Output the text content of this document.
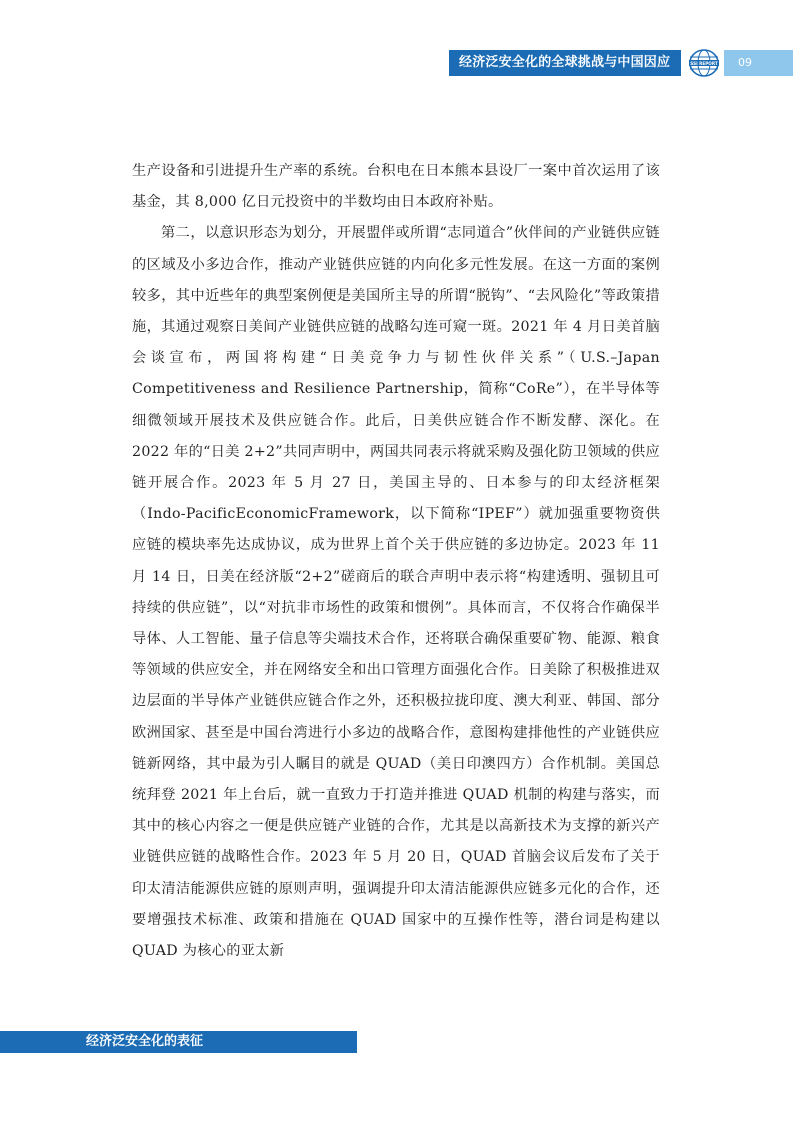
经济泛安全化的全球挑战与中国因应	SSI REPORT	09

生产设备和引进提升生产率的系统。台积电在日本熊本县设厂一案中首次运用了该基金，其 8,000 亿日元投资中的半数均由日本政府补贴。

第二，以意识形态为划分，开展盟伴或所谓“志同道合”伙伴间的产业链供应链的区域及小多边合作，推动产业链供应链的内向化多元性发展。在这一方面的案例较多，其中近些年的典型案例便是美国所主导的所谓“脱钩”、“去风险化”等政策措施，其通过观察日美间产业链供应链的战略勾连可窥一斑。2021 年 4 月日美首脑会谈宣布，两国将构建“日美竞争力与韧性伙伴关系”（U.S.–Japan Competitiveness and Resilience Partnership，简称“CoRe”），在半导体等细微领域开展技术及供应链合作。此后，日美供应链合作不断发酵、深化。在 2022 年的“日美 2+2”共同声明中，两国共同表示将就采购及强化防卫领域的供应链开展合作。2023 年 5 月 27 日，美国主导的、日本参与的印太经济框架（Indo-PacificEconomicFramework，以下简称“IPEF”）就加强重要物资供应链的模块率先达成协议，成为世界上首个关于供应链的多边协定。2023 年 11 月 14 日，日美在经济版“2+2”磋商后的联合声明中表示将“构建透明、强韧且可持续的供应链”，以“对抗非市场性的政策和惯例”。具体而言，不仅将合作确保半导体、人工智能、量子信息等尖端技术合作，还将联合确保重要矿物、能源、粮食等领域的供应安全，并在网络安全和出口管理方面强化合作。日美除了积极推进双边层面的半导体产业链供应链合作之外，还积极拉拢印度、澳大利亚、韩国、部分欧洲国家、甚至是中国台湾进行小多边的战略合作，意图构建排他性的产业链供应链新网络，其中最为引人瞩目的就是 QUAD（美日印澳四方）合作机制。美国总统拜登 2021 年上台后，就一直致力于打造并推进 QUAD 机制的构建与落实，而其中的核心内容之一便是供应链产业链的合作，尤其是以高新技术为支撑的新兴产业链供应链的战略性合作。2023 年 5 月 20 日，QUAD 首脑会议后发布了关于印太清洁能源供应链的原则声明，强调提升印太清洁能源供应链多元化的合作，还要增强技术标准、政策和措施在 QUAD 国家中的互操作性等，潜台词是构建以 QUAD 为核心的亚太新

经济泛安全化的表征
